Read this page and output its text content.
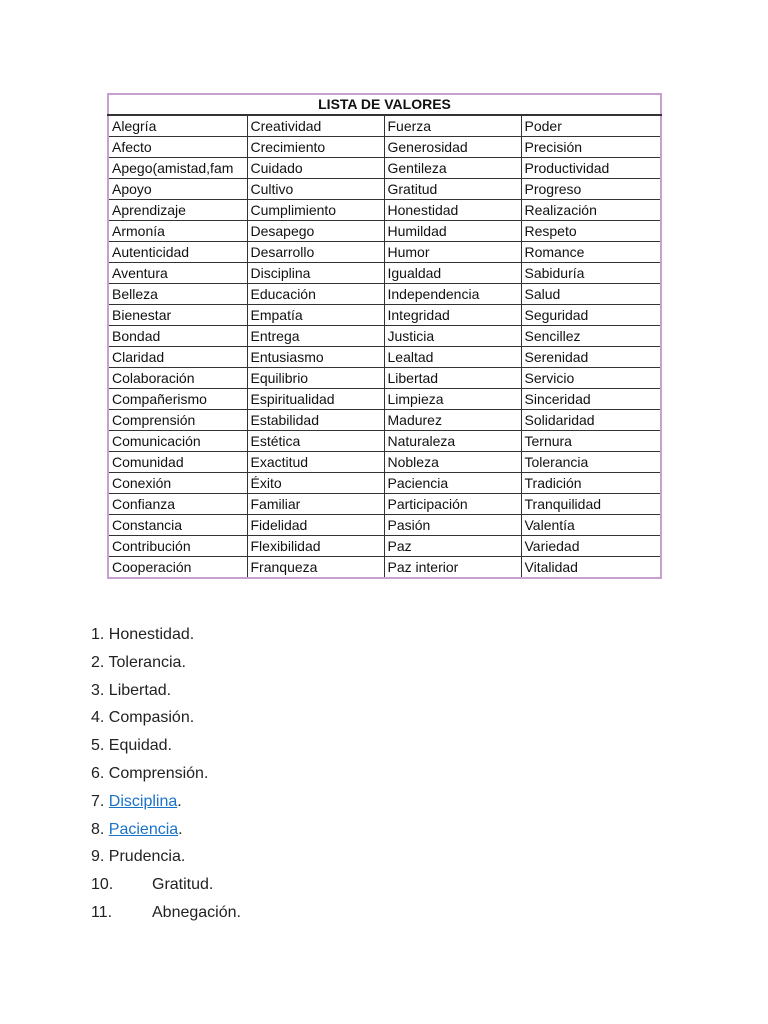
LISTA DE VALORES			
Alegría	Creatividad	Fuerza	Poder
Afecto	Crecimiento	Generosidad	Precisión
Apego(amistad,fam	Cuidado	Gentileza	Productividad
Apoyo	Cultivo	Gratitud	Progreso
Aprendizaje	Cumplimiento	Honestidad	Realización
Armonía	Desapego	Humildad	Respeto
Autenticidad	Desarrollo	Humor	Romance
Aventura	Disciplina	Igualdad	Sabiduría
Belleza	Educación	Independencia	Salud
Bienestar	Empatía	Integridad	Seguridad
Bondad	Entrega	Justicia	Sencillez
Claridad	Entusiasmo	Lealtad	Serenidad
Colaboración	Equilibrio	Libertad	Servicio
Compañerismo	Espiritualidad	Limpieza	Sinceridad
Comprensión	Estabilidad	Madurez	Solidaridad
Comunicación	Estética	Naturaleza	Ternura
Comunidad	Exactitud	Nobleza	Tolerancia
Conexión	Éxito	Paciencia	Tradición
Confianza	Familiar	Participación	Tranquilidad
Constancia	Fidelidad	Pasión	Valentía
Contribución	Flexibilidad	Paz	Variedad
Cooperación	Franqueza	Paz interior	Vitalidad
1. Honestidad.
2. Tolerancia.
3. Libertad.
4. Compasión.
5. Equidad.
6. Comprensión.
7. Disciplina.
8. Paciencia.
9. Prudencia.
10. Gratitud.
11. Abnegación.
